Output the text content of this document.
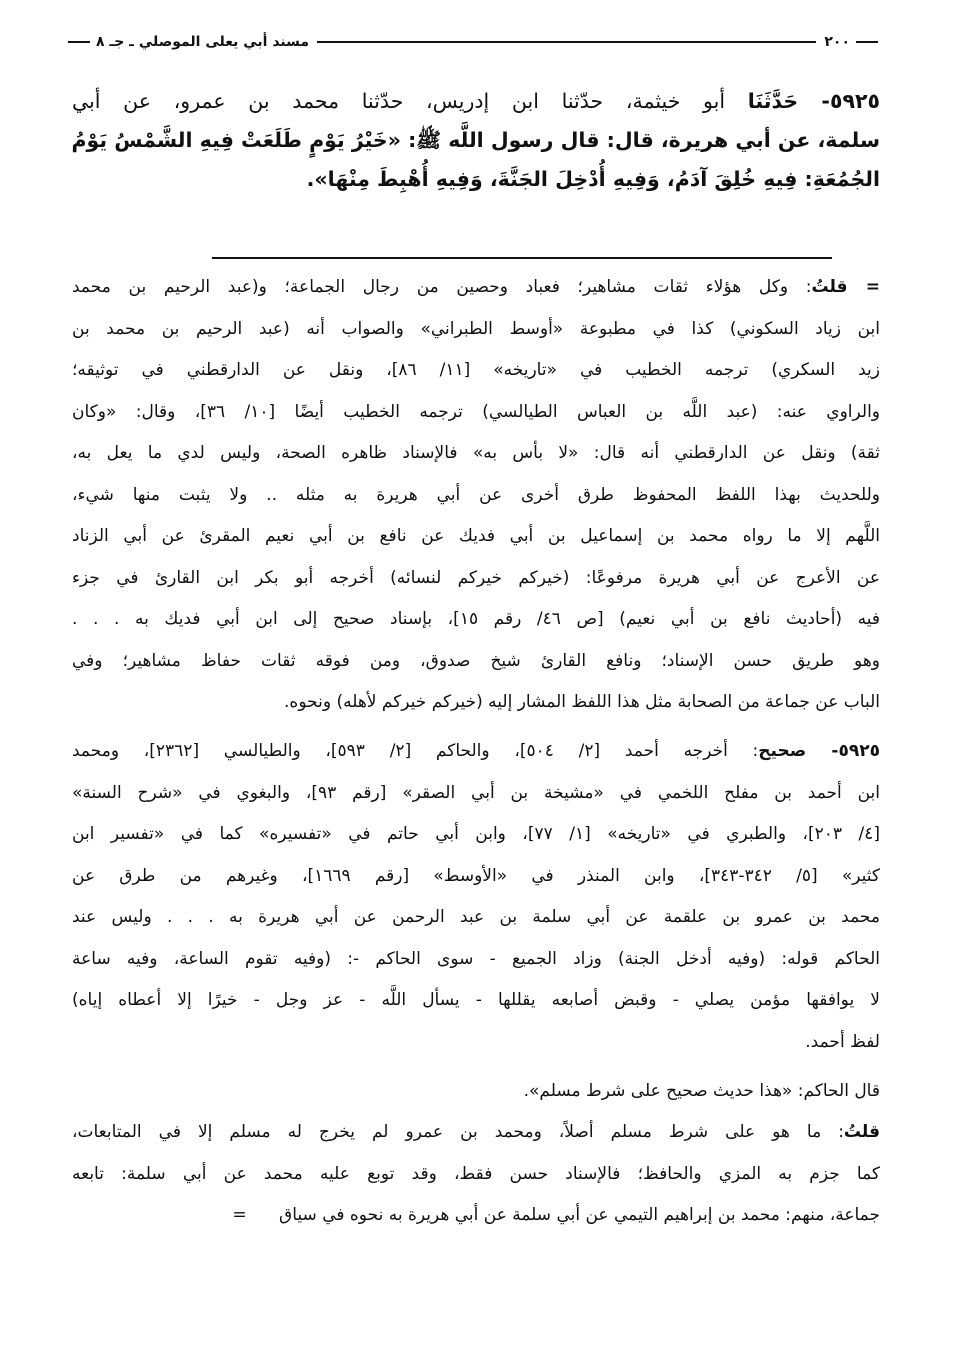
٢٠٠
مسند أبي يعلى الموصلي ـ جـ ٨
٥٩٢٥- حَدَّثَنَا أبو خيثمة، حدّثنا ابن إدريس، حدّثنا محمد بن عمرو، عن أبي
سلمة، عن أبي هريرة، قال: قال رسول اللَّه ﷺ: «خَيْرُ يَوْمٍ طَلَعَتْ فِيهِ الشَّمْسُ يَوْمُ
الجُمُعَةِ: فِيهِ خُلِقَ آدَمُ، وَفِيهِ أُدْخِلَ الجَنَّةَ، وَفِيهِ أُهْبِطَ مِنْهَا».
= قلتُ: وكل هؤلاء ثقات مشاهير؛ فعباد وحصين من رجال الجماعة؛ و(عبد الرحيم بن محمد
ابن زياد السكوني) كذا في مطبوعة «أوسط الطبراني» والصواب أنه (عبد الرحيم بن محمد بن
زيد السكري) ترجمه الخطيب في «تاريخه» [١١/ ٨٦]، ونقل عن الدارقطني في توثيقه؛
والراوي عنه: (عبد اللَّه بن العباس الطيالسي) ترجمه الخطيب أيضًا [١٠/ ٣٦]، وقال: «وكان
ثقة) ونقل عن الدارقطني أنه قال: «لا بأس به» فالإسناد ظاهره الصحة، وليس لدي ما يعل به،
وللحديث بهذا اللفظ المحفوظ طرق أخرى عن أبي هريرة به مثله .. ولا يثبت منها شيء،
اللَّهم إلا ما رواه محمد بن إسماعيل بن أبي فديك عن نافع بن أبي نعيم المقرئ عن أبي الزناد
عن الأعرج عن أبي هريرة مرفوعًا: (خيركم خيركم لنسائه) أخرجه أبو بكر ابن القارئ في جزء
فيه (أحاديث نافع بن أبي نعيم) [ص ٤٦/ رقم ١٥]، بإسناد صحيح إلى ابن أبي فديك به . . .
وهو طريق حسن الإسناد؛ ونافع القارئ شيخ صدوق، ومن فوقه ثقات حفاظ مشاهير؛ وفي
الباب عن جماعة من الصحابة مثل هذا اللفظ المشار إليه (خيركم خيركم لأهله) ونحوه.
٥٩٢٥- صحيح: أخرجه أحمد [٢/ ٥٠٤]، والحاكم [٢/ ٥٩٣]، والطيالسي [٢٣٦٢]، ومحمد
ابن أحمد بن مفلح اللخمي في «مشيخة بن أبي الصقر» [رقم ٩٣]، والبغوي في «شرح السنة»
[٤/ ٢٠٣]، والطبري في «تاريخه» [١/ ٧٧]، وابن أبي حاتم في «تفسيره» كما في «تفسير ابن
كثير» [٥/ ٣٤٢-٣٤٣]، وابن المنذر في «الأوسط» [رقم ١٦٦٩]، وغيرهم من طرق عن
محمد بن عمرو بن علقمة عن أبي سلمة بن عبد الرحمن عن أبي هريرة به . . . وليس عند
الحاكم قوله: (وفيه أدخل الجنة) وزاد الجميع - سوى الحاكم -: (وفيه تقوم الساعة، وفيه ساعة
لا يوافقها مؤمن يصلي - وقبض أصابعه يقللها - يسأل اللَّه - عز وجل - خيرًا إلا أعطاه إياه)
لفظ أحمد.
قال الحاكم: «هذا حديث صحيح على شرط مسلم».
قلتُ: ما هو على شرط مسلم أصلاً، ومحمد بن عمرو لم يخرج له مسلم إلا في المتابعات،
كما جزم به المزي والحافظ؛ فالإسناد حسن فقط، وقد توبع عليه محمد عن أبي سلمة: تابعه
جماعة، منهم: محمد بن إبراهيم التيمي عن أبي سلمة عن أبي هريرة به نحوه في سياق      =
